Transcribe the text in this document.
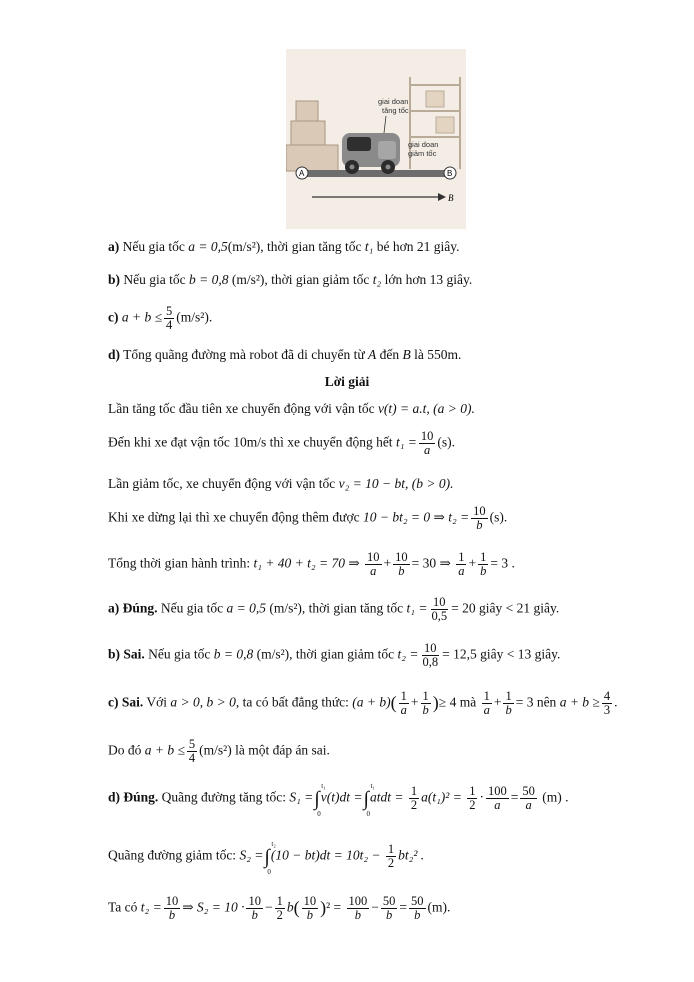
giai doan
tăng tốc
giai doan
giảm tốc
A	B
B
a) Nếu gia tốc a = 0,5(m/s²), thời gian tăng tốc t₁ bé hơn 21 giây.
b) Nếu gia tốc b = 0,8 (m/s²), thời gian giảm tốc t₂ lớn hơn 13 giây.
c) $a + b \le \frac{5}{4} (m/s^2)$.
d) Tổng quãng đường mà robot đã di chuyển từ A đến B là 550m.
Lời giải
Lần tăng tốc đầu tiên xe chuyển động với vận tốc v(t) = a.t, (a > 0).
Đến khi xe đạt vận tốc 10m/s thì xe chuyển động hết $t_1 = \frac{10}{a} (s)$.
Lần giảm tốc, xe chuyển động với vận tốc v₂ = 10 − bt, (b > 0).
Khi xe dừng lại thì xe chuyển động thêm được 10 − bt₂ = 0 ⇒ $t_2 = \frac{10}{b} (s)$.
Tổng thời gian hành trình: t₁ + 40 + t₂ = 70 ⇒ $\frac{10}{a} + \frac{10}{b} = 30$ ⇒ $\frac{1}{a} + \frac{1}{b} = 3$ .
a) Đúng. Nếu gia tốc a = 0,5 (m/s²), thời gian tăng tốc $t_1 = \frac{10}{0,5} = 20$ giây < 21 giây.
b) Sai. Nếu gia tốc b = 0,8 (m/s²), thời gian giảm tốc $t_2 = \frac{10}{0,8} = 12,5$ giây < 13 giây.
c) Sai. Với a > 0, b > 0, ta có bất đẳng thức: $(a + b)( \frac{1}{a} + \frac{1}{b}$ )≥ 4 mà $\frac{1}{a} + \frac{1}{b} = 3$ nên $a + b \ge \frac{4}{3}$ .
Do đó $a + b \le \frac{5}{4} (m/s^2)$ là một đáp án sai.
d) Đúng. Quãng đường tăng tốc: S₁ =∫
t₁
0
v(t)dt =∫
t₁
0
atdt = $\frac{1}{2} a(t_1)^2 = \frac{1}{2} \cdot \frac{100}{a} = \frac{50}{a} (m)$ .
Quãng đường giảm tốc: S₂ =∫
t₂
0
$(10 - bt)dt = 10t_2 - \frac{1}{2} bt_2^2$ .
Ta có $t_2 = \frac{10}{b}$ ⇒ $S_2 = 10 \cdot \frac{10}{b} - \frac{1}{2} b( \frac{10}{b} )^2 = \frac{100}{b} - \frac{50}{b} = \frac{50}{b} (m)$.
